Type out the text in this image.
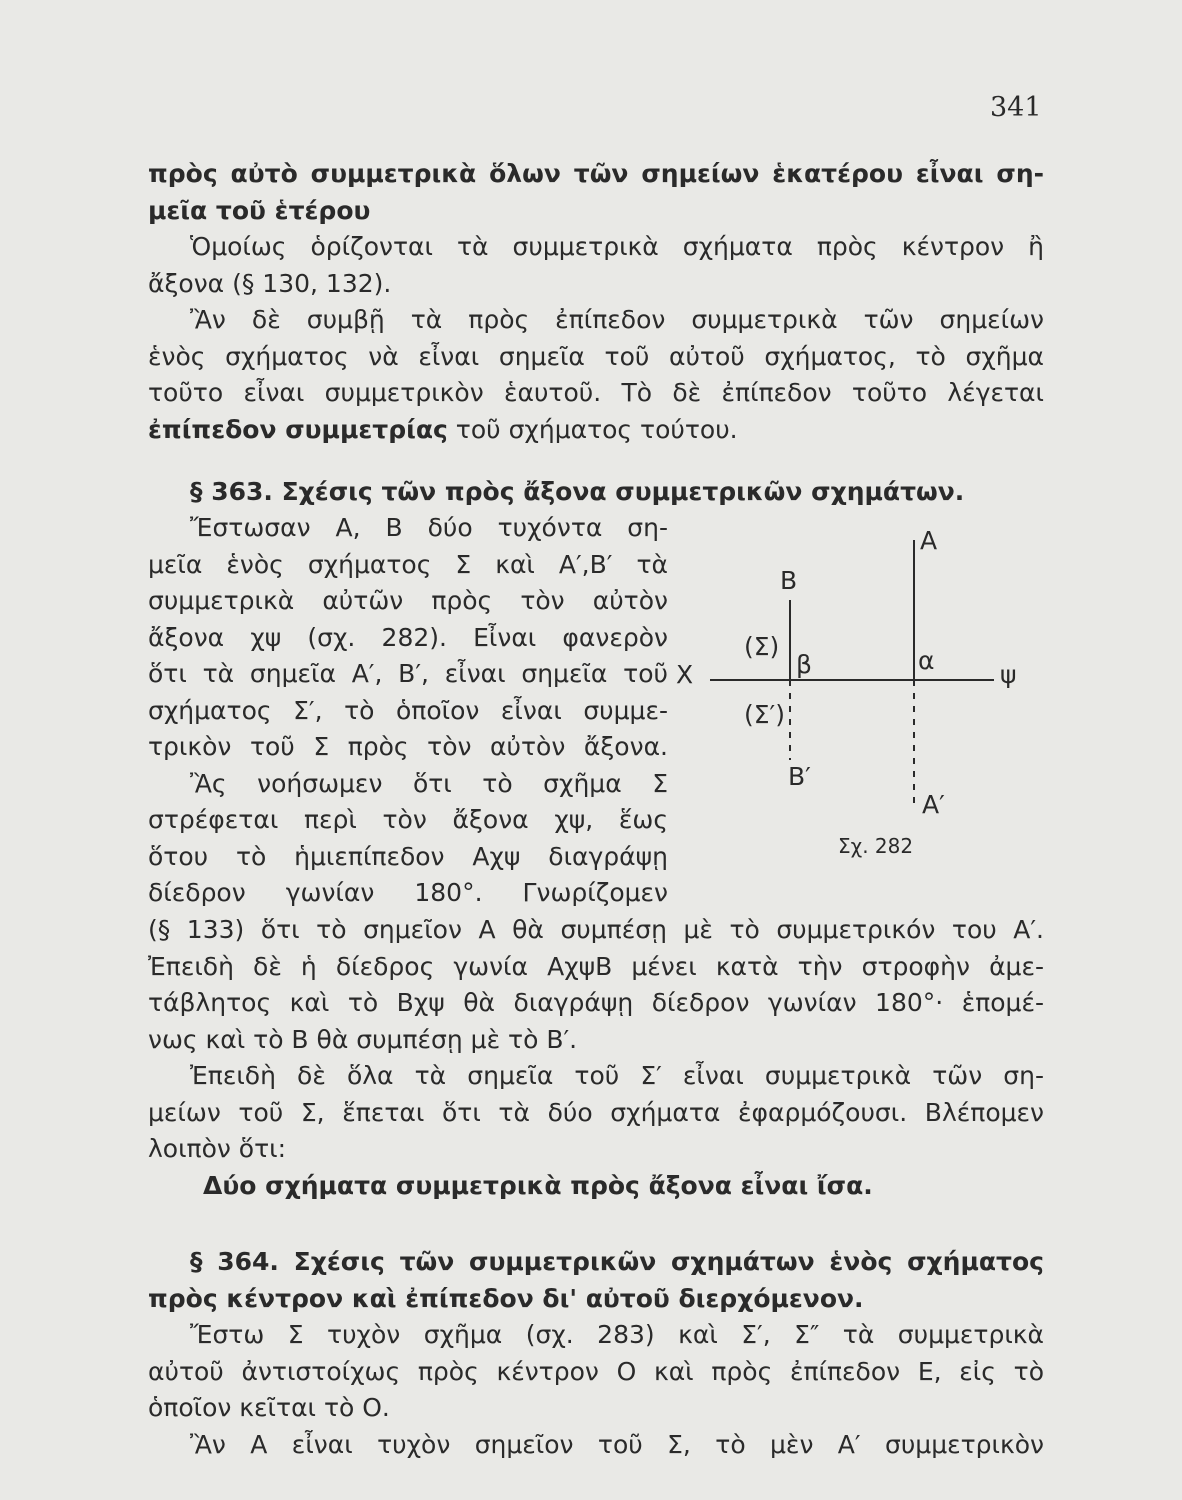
341

πρὸς αὐτὸ συμμετρικὰ ὅλων τῶν σημείων ἑκατέρου εἶναι ση-

μεῖα τοῦ ἑτέρου

Ὁμοίως ὁρίζονται τὰ συμμετρικὰ σχήματα πρὸς κέντρον ἢ

ἄξονα (§ 130, 132).

Ἂν δὲ συμβῇ τὰ πρὸς ἐπίπεδον συμμετρικὰ τῶν σημείων

ἑνὸς σχήματος νὰ εἶναι σημεῖα τοῦ αὐτοῦ σχήματος, τὸ σχῆμα

τοῦτο εἶναι συμμετρικὸν ἑαυτοῦ. Τὸ δὲ ἐπίπεδον τοῦτο λέγεται

ἐπίπεδον συμμετρίας τοῦ σχήματος τούτου.

§ 363. Σχέσις τῶν πρὸς ἄξονα συμμετρικῶν σχημάτων.

Ἔστωσαν Α, Β δύο τυχόντα ση-

μεῖα ἑνὸς σχήματος Σ καὶ Α′,Β′ τὰ

συμμετρικὰ αὐτῶν πρὸς τὸν αὐτὸν

ἄξονα χψ (σχ. 282). Εἶναι φανερὸν

ὅτι τὰ σημεῖα Α′, Β′, εἶναι σημεῖα τοῦ

σχήματος Σ′, τὸ ὁποῖον εἶναι συμμε-

τρικὸν τοῦ Σ πρὸς τὸν αὐτὸν ἄξονα.

Ἂς νοήσωμεν ὅτι τὸ σχῆμα Σ

στρέφεται περὶ τὸν ἄξονα χψ, ἕως

ὅτου τὸ ἡμιεπίπεδον Αχψ διαγράψῃ

δίεδρον γωνίαν 180°. Γνωρίζομεν

Α
Β
(Σ)
β	α
Χ	ψ
(Σ′)
Β′
Α′
Σχ. 282

(§ 133) ὅτι τὸ σημεῖον Α θὰ συμπέσῃ μὲ τὸ συμμετρικόν του Α′.

Ἐπειδὴ δὲ ἡ δίεδρος γωνία ΑχψΒ μένει κατὰ τὴν στροφὴν ἀμε-

τάβλητος καὶ τὸ Βχψ θὰ διαγράψῃ δίεδρον γωνίαν 180°· ἑπομέ-

νως καὶ τὸ Β θὰ συμπέσῃ μὲ τὸ Β′.

Ἐπειδὴ δὲ ὅλα τὰ σημεῖα τοῦ Σ′ εἶναι συμμετρικὰ τῶν ση-

μείων τοῦ Σ, ἕπεται ὅτι τὰ δύο σχήματα ἐφαρμόζουσι. Βλέπομεν

λοιπὸν ὅτι:

Δύο σχήματα συμμετρικὰ πρὸς ἄξονα εἶναι ἴσα.

§ 364. Σχέσις τῶν συμμετρικῶν σχημάτων ἑνὸς σχήματος

πρὸς κέντρον καὶ ἐπίπεδον δι' αὐτοῦ διερχόμενον.

Ἔστω Σ τυχὸν σχῆμα (σχ. 283) καὶ Σ′, Σ″ τὰ συμμετρικὰ

αὐτοῦ ἀντιστοίχως πρὸς κέντρον Ο καὶ πρὸς ἐπίπεδον Ε, εἰς τὸ

ὁποῖον κεῖται τὸ Ο.

Ἂν Α εἶναι τυχὸν σημεῖον τοῦ Σ, τὸ μὲν Α′ συμμετρικὸν
